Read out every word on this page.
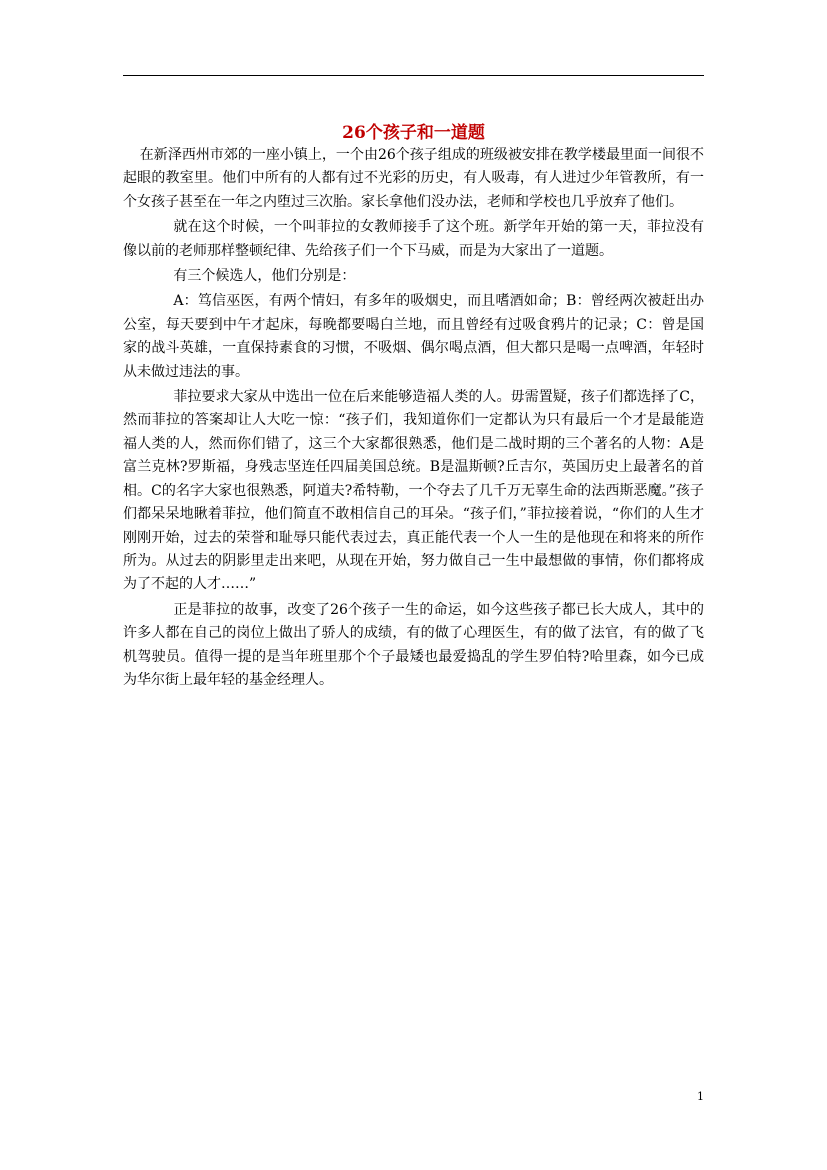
26个孩子和一道题

在新泽西州市郊的一座小镇上，一个由26个孩子组成的班级被安排在教学楼最里面一间很不起眼的教室里。他们中所有的人都有过不光彩的历史，有人吸毒，有人进过少年管教所，有一个女孩子甚至在一年之内堕过三次胎。家长拿他们没办法，老师和学校也几乎放弃了他们。

就在这个时候，一个叫菲拉的女教师接手了这个班。新学年开始的第一天，菲拉没有像以前的老师那样整顿纪律、先给孩子们一个下马威，而是为大家出了一道题。

有三个候选人，他们分别是：

A：笃信巫医，有两个情妇，有多年的吸烟史，而且嗜酒如命；B：曾经两次被赶出办公室，每天要到中午才起床，每晚都要喝白兰地，而且曾经有过吸食鸦片的记录；C：曾是国家的战斗英雄，一直保持素食的习惯，不吸烟、偶尔喝点酒，但大都只是喝一点啤酒，年轻时从未做过违法的事。

菲拉要求大家从中选出一位在后来能够造福人类的人。毋需置疑，孩子们都选择了C，然而菲拉的答案却让人大吃一惊：“孩子们，我知道你们一定都认为只有最后一个才是最能造福人类的人，然而你们错了，这三个大家都很熟悉，他们是二战时期的三个著名的人物：A是富兰克林?罗斯福，身残志坚连任四届美国总统。B是温斯顿?丘吉尔，英国历史上最著名的首相。C的名字大家也很熟悉，阿道夫?希特勒，一个夺去了几千万无辜生命的法西斯恶魔。”孩子们都呆呆地瞅着菲拉，他们简直不敢相信自己的耳朵。“孩子们，”菲拉接着说，“你们的人生才刚刚开始，过去的荣誉和耻辱只能代表过去，真正能代表一个人一生的是他现在和将来的所作所为。从过去的阴影里走出来吧，从现在开始，努力做自己一生中最想做的事情，你们都将成为了不起的人才……”

正是菲拉的故事，改变了26个孩子一生的命运，如今这些孩子都已长大成人，其中的许多人都在自己的岗位上做出了骄人的成绩，有的做了心理医生，有的做了法官，有的做了飞机驾驶员。值得一提的是当年班里那个个子最矮也最爱捣乱的学生罗伯特?哈里森，如今已成为华尔街上最年轻的基金经理人。

1
